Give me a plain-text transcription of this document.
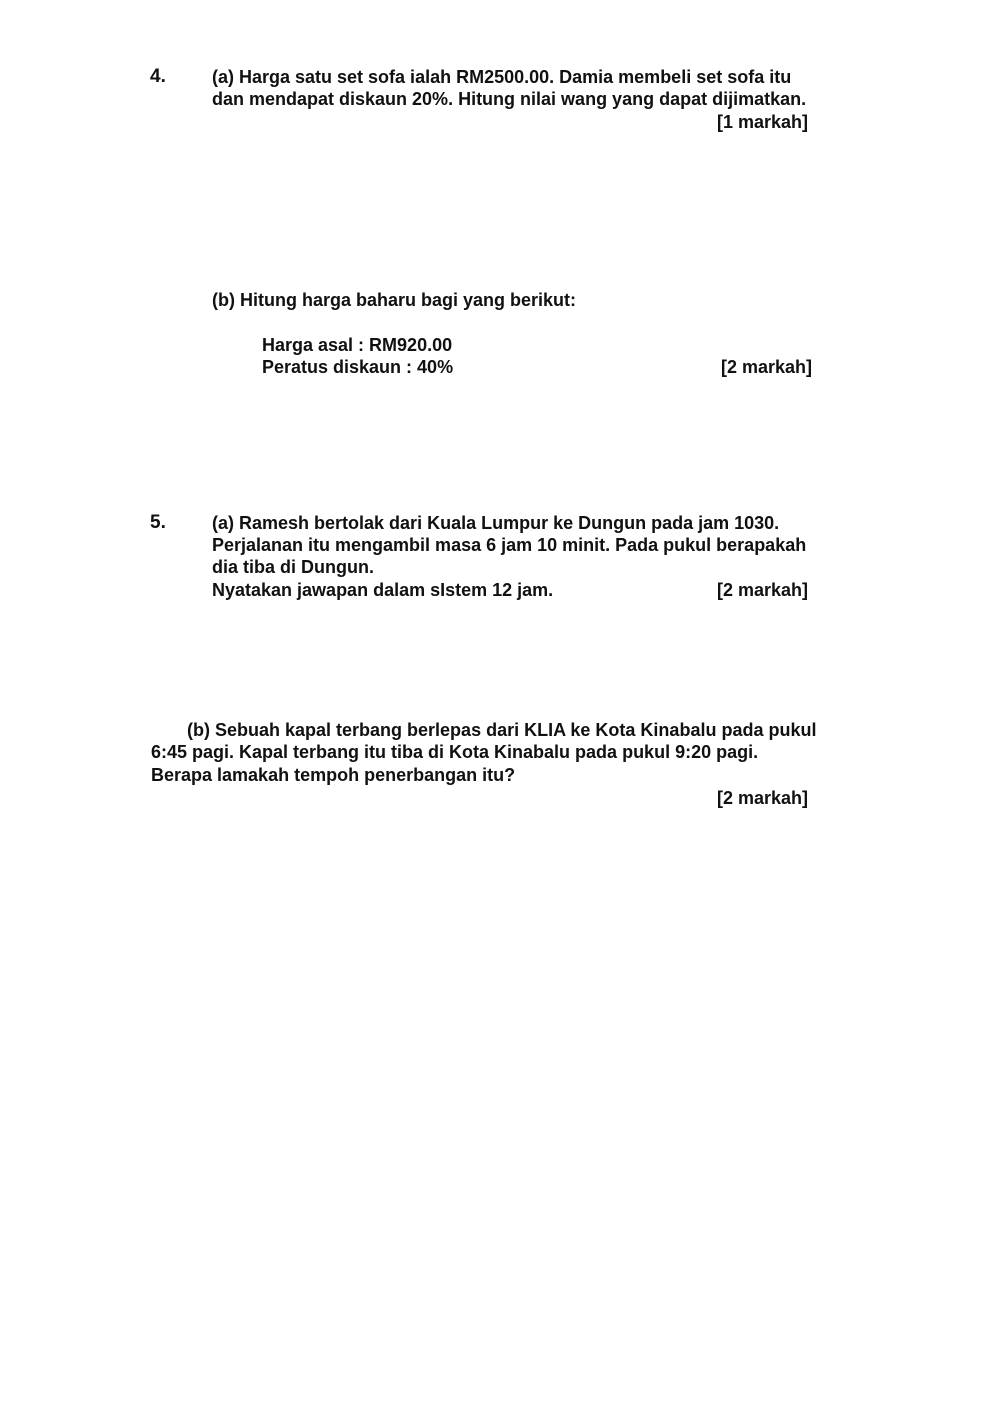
4.	(a) Harga satu set sofa ialah RM2500.00. Damia membeli set sofa itu
dan mendapat diskaun 20%. Hitung nilai wang yang dapat dijimatkan.
[1 markah]
(b) Hitung harga baharu bagi yang berikut:
Harga asal : RM920.00
Peratus diskaun : 40%	[2 markah]
5.	(a) Ramesh bertolak dari Kuala Lumpur ke Dungun pada jam 1030.
Perjalanan itu mengambil masa 6 jam 10 minit. Pada pukul berapakah
dia tiba di Dungun.
Nyatakan jawapan dalam sIstem 12 jam.	[2 markah]
(b) Sebuah kapal terbang berlepas dari KLIA ke Kota Kinabalu pada pukul
6:45 pagi. Kapal terbang itu tiba di Kota Kinabalu pada pukul 9:20 pagi.
Berapa lamakah tempoh penerbangan itu?
[2 markah]
